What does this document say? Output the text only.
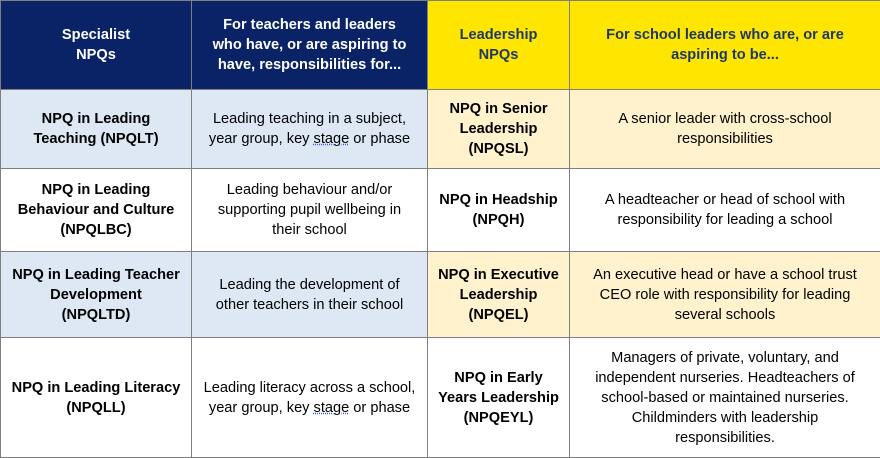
Specialist
NPQs	For teachers and leaders
who have, or are aspiring to
have, responsibilities for...	Leadership
NPQs	For school leaders who are, or are
aspiring to be...

NPQ in Leading
Teaching (NPQLT)	Leading teaching in a subject,
year group, key stage or phase	NPQ in Senior
Leadership
(NPQSL)	A senior leader with cross-school
responsibilities

NPQ in Leading
Behaviour and Culture
(NPQLBC)	Leading behaviour and/or
supporting pupil wellbeing in
their school	NPQ in Headship
(NPQH)	A headteacher or head of school with
responsibility for leading a school

NPQ in Leading Teacher
Development
(NPQLTD)	Leading the development of
other teachers in their school	NPQ in Executive
Leadership
(NPQEL)	An executive head or have a school trust
CEO role with responsibility for leading
several schools

NPQ in Leading Literacy
(NPQLL)	Leading literacy across a school,
year group, key stage or phase	NPQ in Early
Years Leadership
(NPQEYL)	Managers of private, voluntary, and
independent nurseries. Headteachers of
school-based or maintained nurseries.
Childminders with leadership
responsibilities.
